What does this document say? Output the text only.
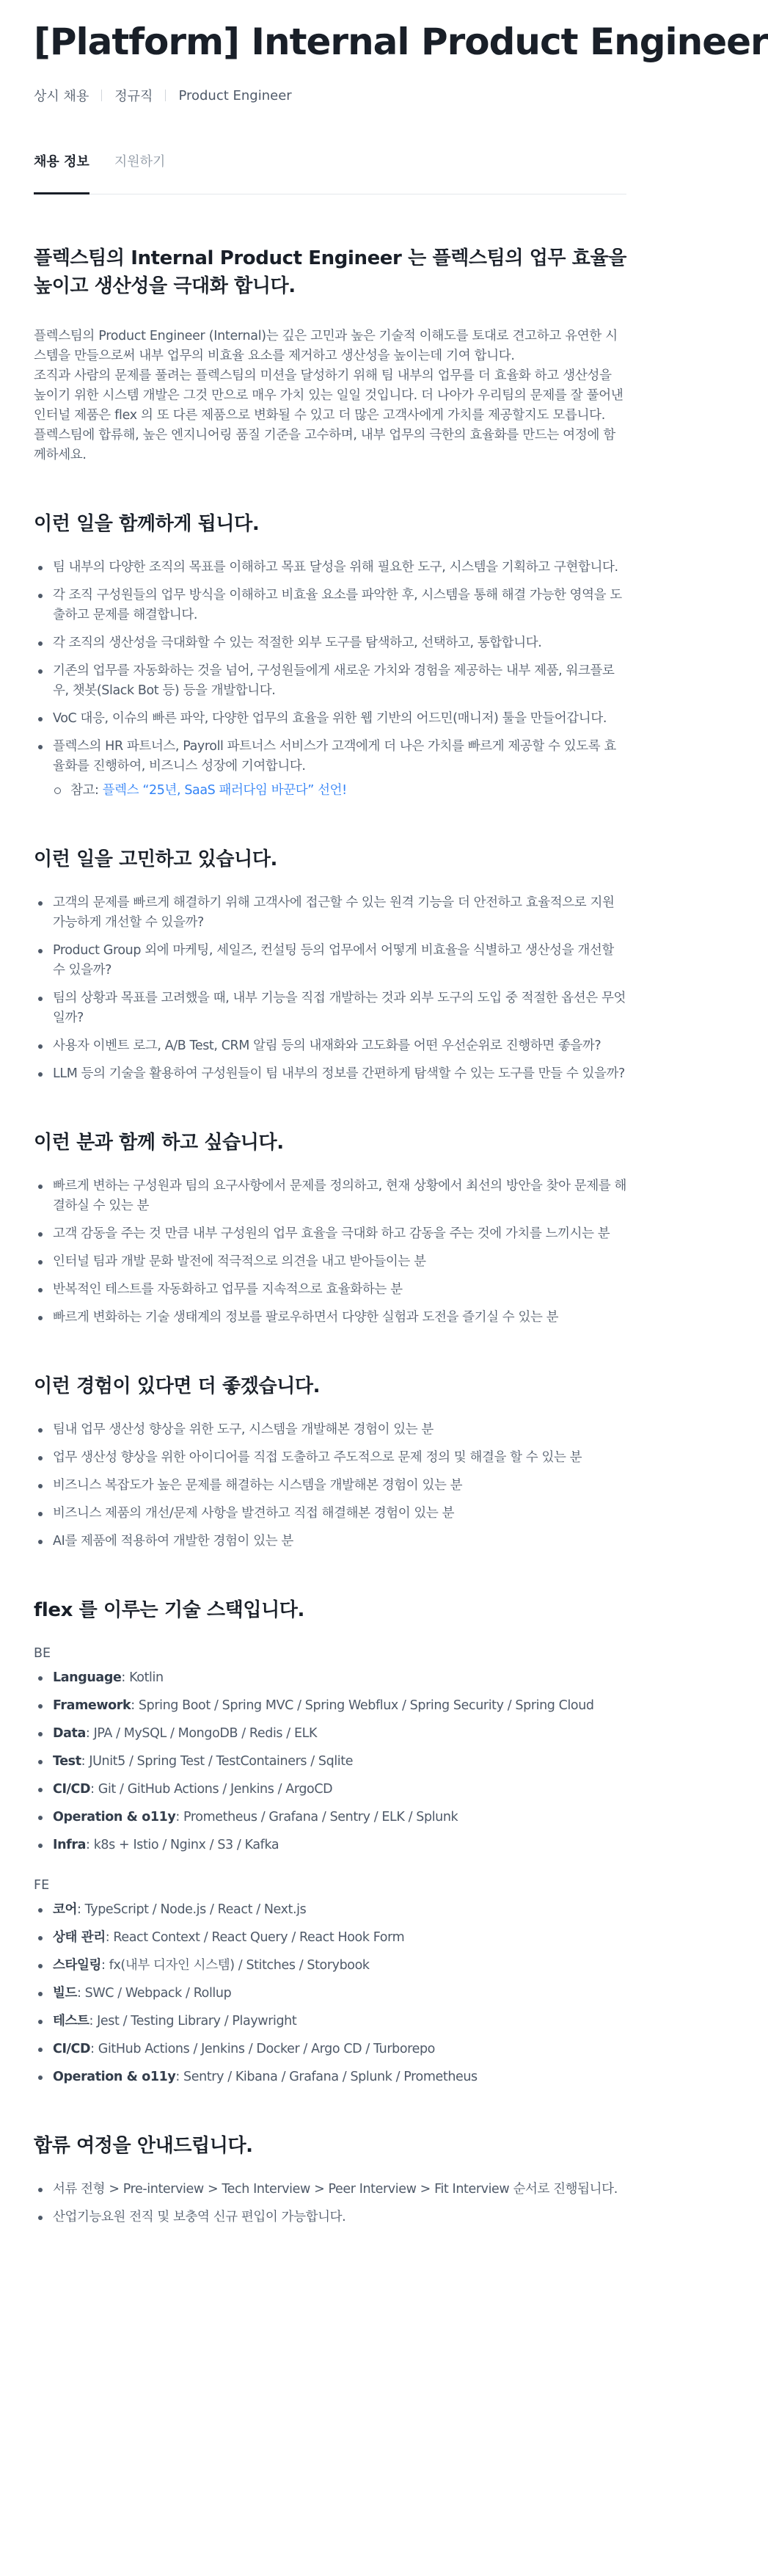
[Platform] Internal Product Engineer
상시 채용 정규직 Product Engineer
채용 정보 지원하기
플렉스팀의 Internal Product Engineer 는 플렉스팀의 업무 효율을 높이고 생산성을 극대화 합니다.

플렉스팀의 Product Engineer (Internal)는 깊은 고민과 높은 기술적 이해도를 토대로 견고하고 유연한 시스템을 만들으로써 내부 업무의 비효율 요소를 제거하고 생산성을 높이는데 기여 합니다.

조직과 사람의 문제를 풀려는 플렉스팀의 미션을 달성하기 위해 팀 내부의 업무를 더 효율화 하고 생산성을 높이기 위한 시스템 개발은 그것 만으로 매우 가치 있는 일일 것입니다. 더 나아가 우리팀의 문제를 잘 풀어낸 인터널 제품은 flex 의 또 다른 제품으로 변화될 수 있고 더 많은 고객사에게 가치를 제공할지도 모릅니다.

플렉스팀에 합류해, 높은 엔지니어링 품질 기준을 고수하며, 내부 업무의 극한의 효율화를 만드는 여정에 함께하세요.

이런 일을 함께하게 됩니다.
팀 내부의 다양한 조직의 목표를 이해하고 목표 달성을 위해 필요한 도구, 시스템을 기획하고 구현합니다.
각 조직 구성원들의 업무 방식을 이해하고 비효율 요소를 파악한 후, 시스템을 통해 해결 가능한 영역을 도출하고 문제를 해결합니다.
각 조직의 생산성을 극대화할 수 있는 적절한 외부 도구를 탐색하고, 선택하고, 통합합니다.
기존의 업무를 자동화하는 것을 넘어, 구성원들에게 새로운 가치와 경험을 제공하는 내부 제품, 워크플로우, 챗봇(Slack Bot 등) 등을 개발합니다.
VoC 대응, 이슈의 빠른 파악, 다양한 업무의 효율을 위한 웹 기반의 어드민(매니저) 툴을 만들어갑니다.
플렉스의 HR 파트너스, Payroll 파트너스 서비스가 고객에게 더 나은 가치를 빠르게 제공할 수 있도록 효율화를 진행하여, 비즈니스 성장에 기여합니다.
참고: 플렉스 “25년, SaaS 패러다임 바꾼다” 선언!
이런 일을 고민하고 있습니다.
고객의 문제를 빠르게 해결하기 위해 고객사에 접근할 수 있는 원격 기능을 더 안전하고 효율적으로 지원 가능하게 개선할 수 있을까?
Product Group 외에 마케팅, 세일즈, 컨설팅 등의 업무에서 어떻게 비효율을 식별하고 생산성을 개선할 수 있을까?
팀의 상황과 목표를 고려했을 때, 내부 기능을 직접 개발하는 것과 외부 도구의 도입 중 적절한 옵션은 무엇일까?
사용자 이벤트 로그, A/B Test, CRM 알림 등의 내재화와 고도화를 어떤 우선순위로 진행하면 좋을까?
LLM 등의 기술을 활용하여 구성원들이 팀 내부의 정보를 간편하게 탐색할 수 있는 도구를 만들 수 있을까?
이런 분과 함께 하고 싶습니다.
빠르게 변하는 구성원과 팀의 요구사항에서 문제를 정의하고, 현재 상황에서 최선의 방안을 찾아 문제를 해결하실 수 있는 분
고객 감동을 주는 것 만큼 내부 구성원의 업무 효율을 극대화 하고 감동을 주는 것에 가치를 느끼시는 분
인터널 팀과 개발 문화 발전에 적극적으로 의견을 내고 받아들이는 분
반복적인 테스트를 자동화하고 업무를 지속적으로 효율화하는 분
빠르게 변화하는 기술 생태계의 정보를 팔로우하면서 다양한 실험과 도전을 즐기실 수 있는 분
이런 경험이 있다면 더 좋겠습니다.
팀내 업무 생산성 향상을 위한 도구, 시스템을 개발해본 경험이 있는 분
업무 생산성 향상을 위한 아이디어를 직접 도출하고 주도적으로 문제 정의 및 해결을 할 수 있는 분
비즈니스 복잡도가 높은 문제를 해결하는 시스템을 개발해본 경험이 있는 분
비즈니스 제품의 개선/문제 사항을 발견하고 직접 해결해본 경험이 있는 분
AI를 제품에 적용하여 개발한 경험이 있는 분
flex 를 이루는 기술 스택입니다.
BE
Language: Kotlin
Framework: Spring Boot / Spring MVC / Spring Webflux / Spring Security / Spring Cloud
Data: JPA / MySQL / MongoDB / Redis / ELK
Test: JUnit5 / Spring Test / TestContainers / Sqlite
CI/CD: Git / GitHub Actions / Jenkins / ArgoCD
Operation & o11y: Prometheus / Grafana / Sentry / ELK / Splunk
Infra: k8s + Istio / Nginx / S3 / Kafka
FE
코어: TypeScript / Node.js / React / Next.js
상태 관리: React Context / React Query / React Hook Form
스타일링: fx(내부 디자인 시스템) / Stitches / Storybook
빌드: SWC / Webpack / Rollup
테스트: Jest / Testing Library / Playwright
CI/CD: GitHub Actions / Jenkins / Docker / Argo CD / Turborepo
Operation & o11y: Sentry / Kibana / Grafana / Splunk / Prometheus
합류 여정을 안내드립니다.
서류 전형 > Pre-interview > Tech Interview > Peer Interview > Fit Interview 순서로 진행됩니다.
산업기능요원 전직 및 보충역 신규 편입이 가능합니다.
